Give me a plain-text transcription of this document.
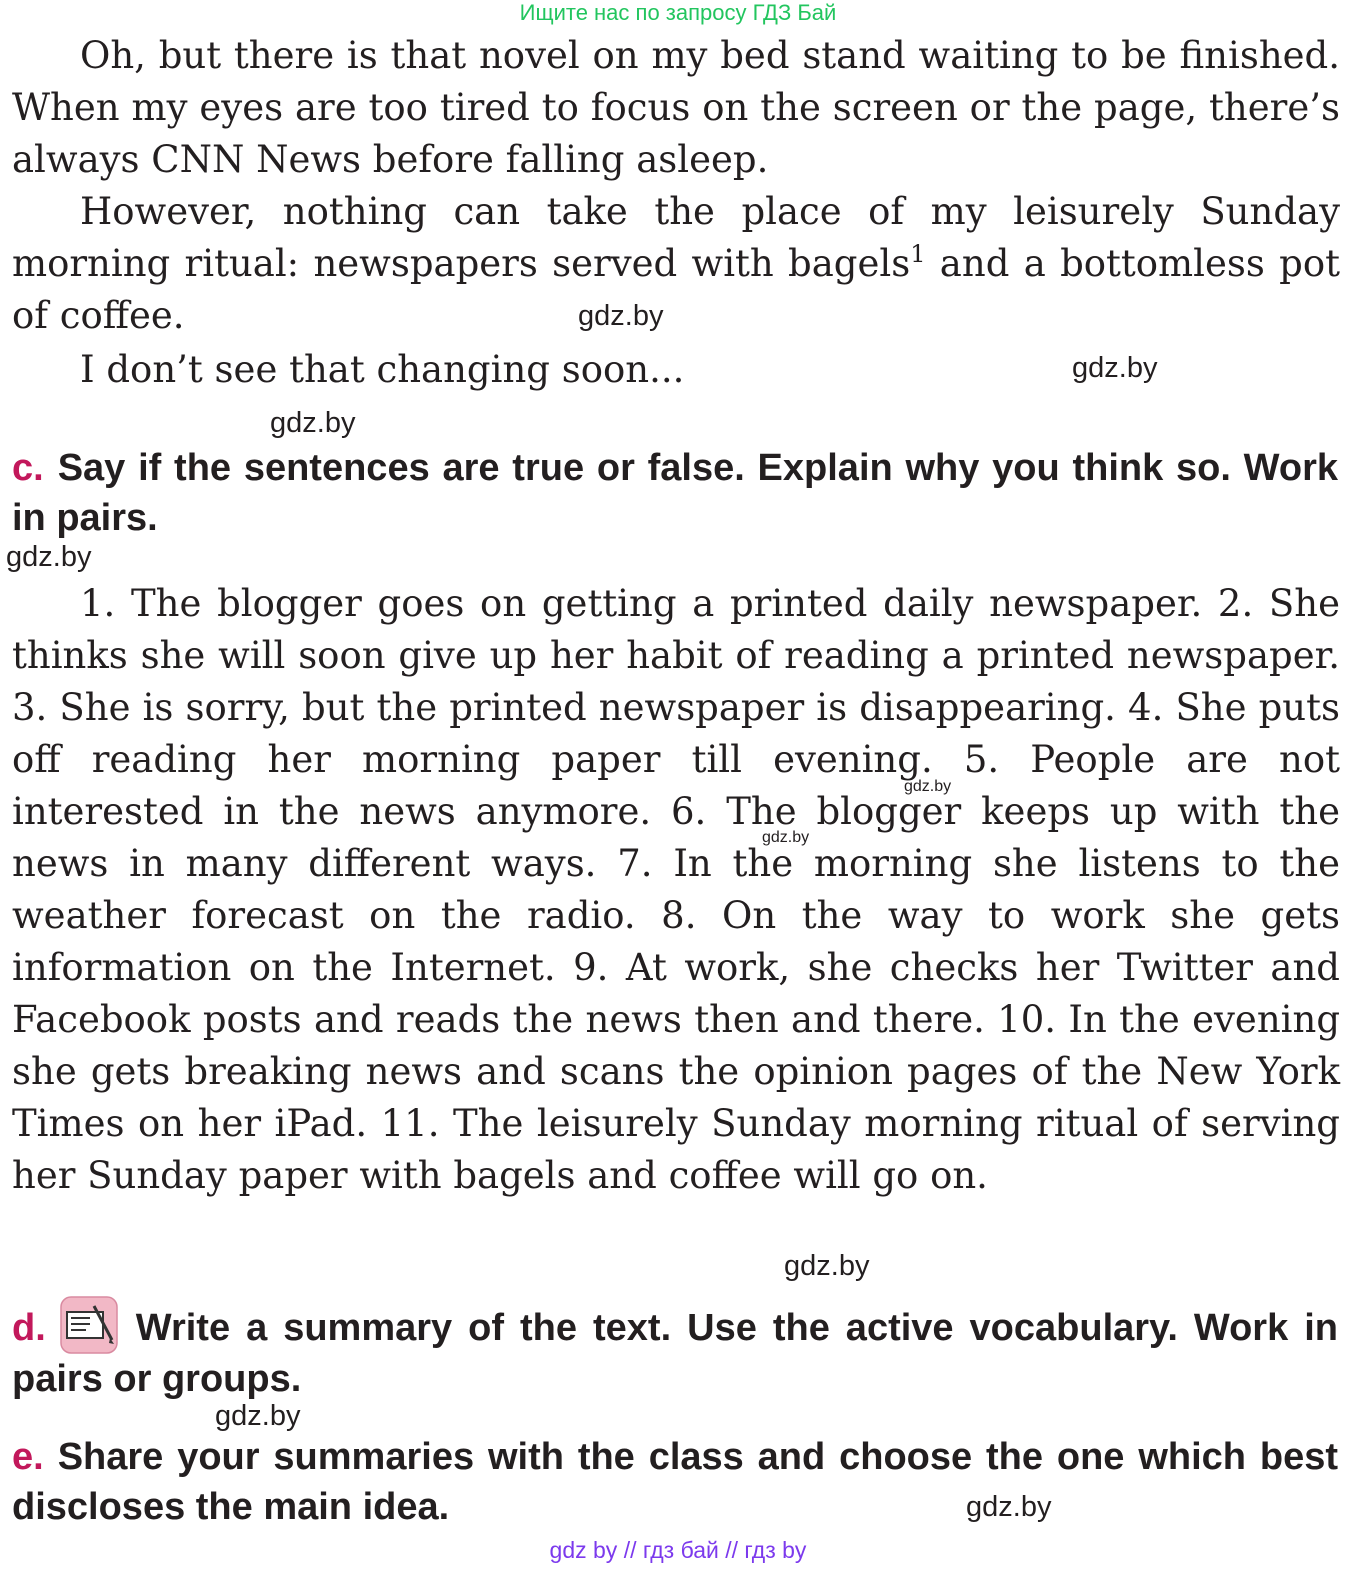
Ищите нас по запросу ГДЗ Бай
Oh, but there is that novel on my bed stand waiting to be finished. When my eyes are too tired to focus on the screen or the page, there’s always CNN News before falling asleep.
However, nothing can take the place of my leisurely Sunday morning ritual: newspapers served with bagels$^1$ and a bottomless pot of coffee.
I don’t see that changing soon...
c. Say if the sentences are true or false. Explain why you think so. Work in pairs.
1. The blogger goes on getting a printed daily newspaper. 2. She thinks she will soon give up her habit of reading a printed newspaper. 3. She is sorry, but the printed newspaper is disappearing. 4. She puts off reading her morning paper till evening. 5. People are not interested in the news anymore. 6. The blogger keeps up with the news in many different ways. 7. In the morning she listens to the weather forecast on the radio. 8. On the way to work she gets information on the Internet. 9. At work, she checks her Twitter and Facebook posts and reads the news then and there. 10. In the evening she gets breaking news and scans the opinion pages of the New York Times on her iPad. 11. The leisurely Sunday morning ritual of serving her Sunday paper with bagels and coffee will go on.
d. Write a summary of the text. Use the active vocabulary. Work in pairs or groups.
e. Share your summaries with the class and choose the one which best discloses the main idea.
gdz.by
gdz.by
gdz.by
gdz.by
gdz.by
gdz.by
gdz.by
gdz.by
gdz.by
gdz by // гдз бай // гдз by
